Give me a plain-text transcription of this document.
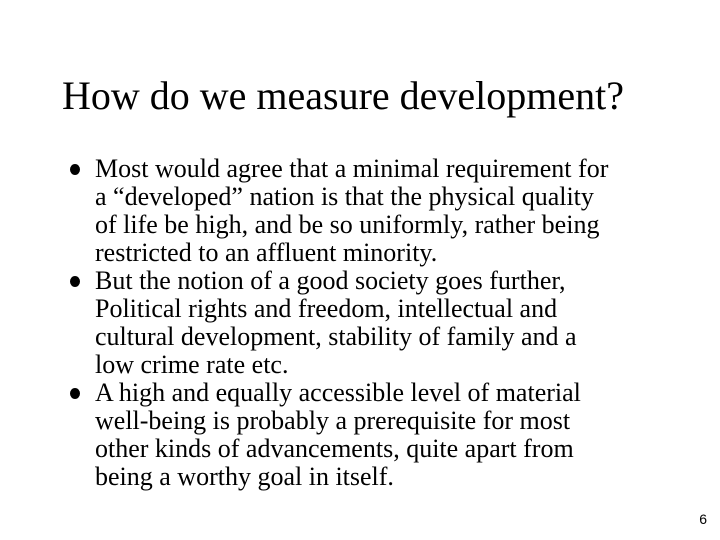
How do we measure development?
Most would agree that a minimal requirement for
a “developed” nation is that the physical quality
of life be high, and be so uniformly, rather being
restricted to an affluent minority.
But the notion of a good society goes further,
Political rights and freedom, intellectual and
cultural development, stability of family and a
low crime rate etc.
A high and equally accessible level of material
well-being is probably a prerequisite for most
other kinds of advancements, quite apart from
being a worthy goal in itself.
6
